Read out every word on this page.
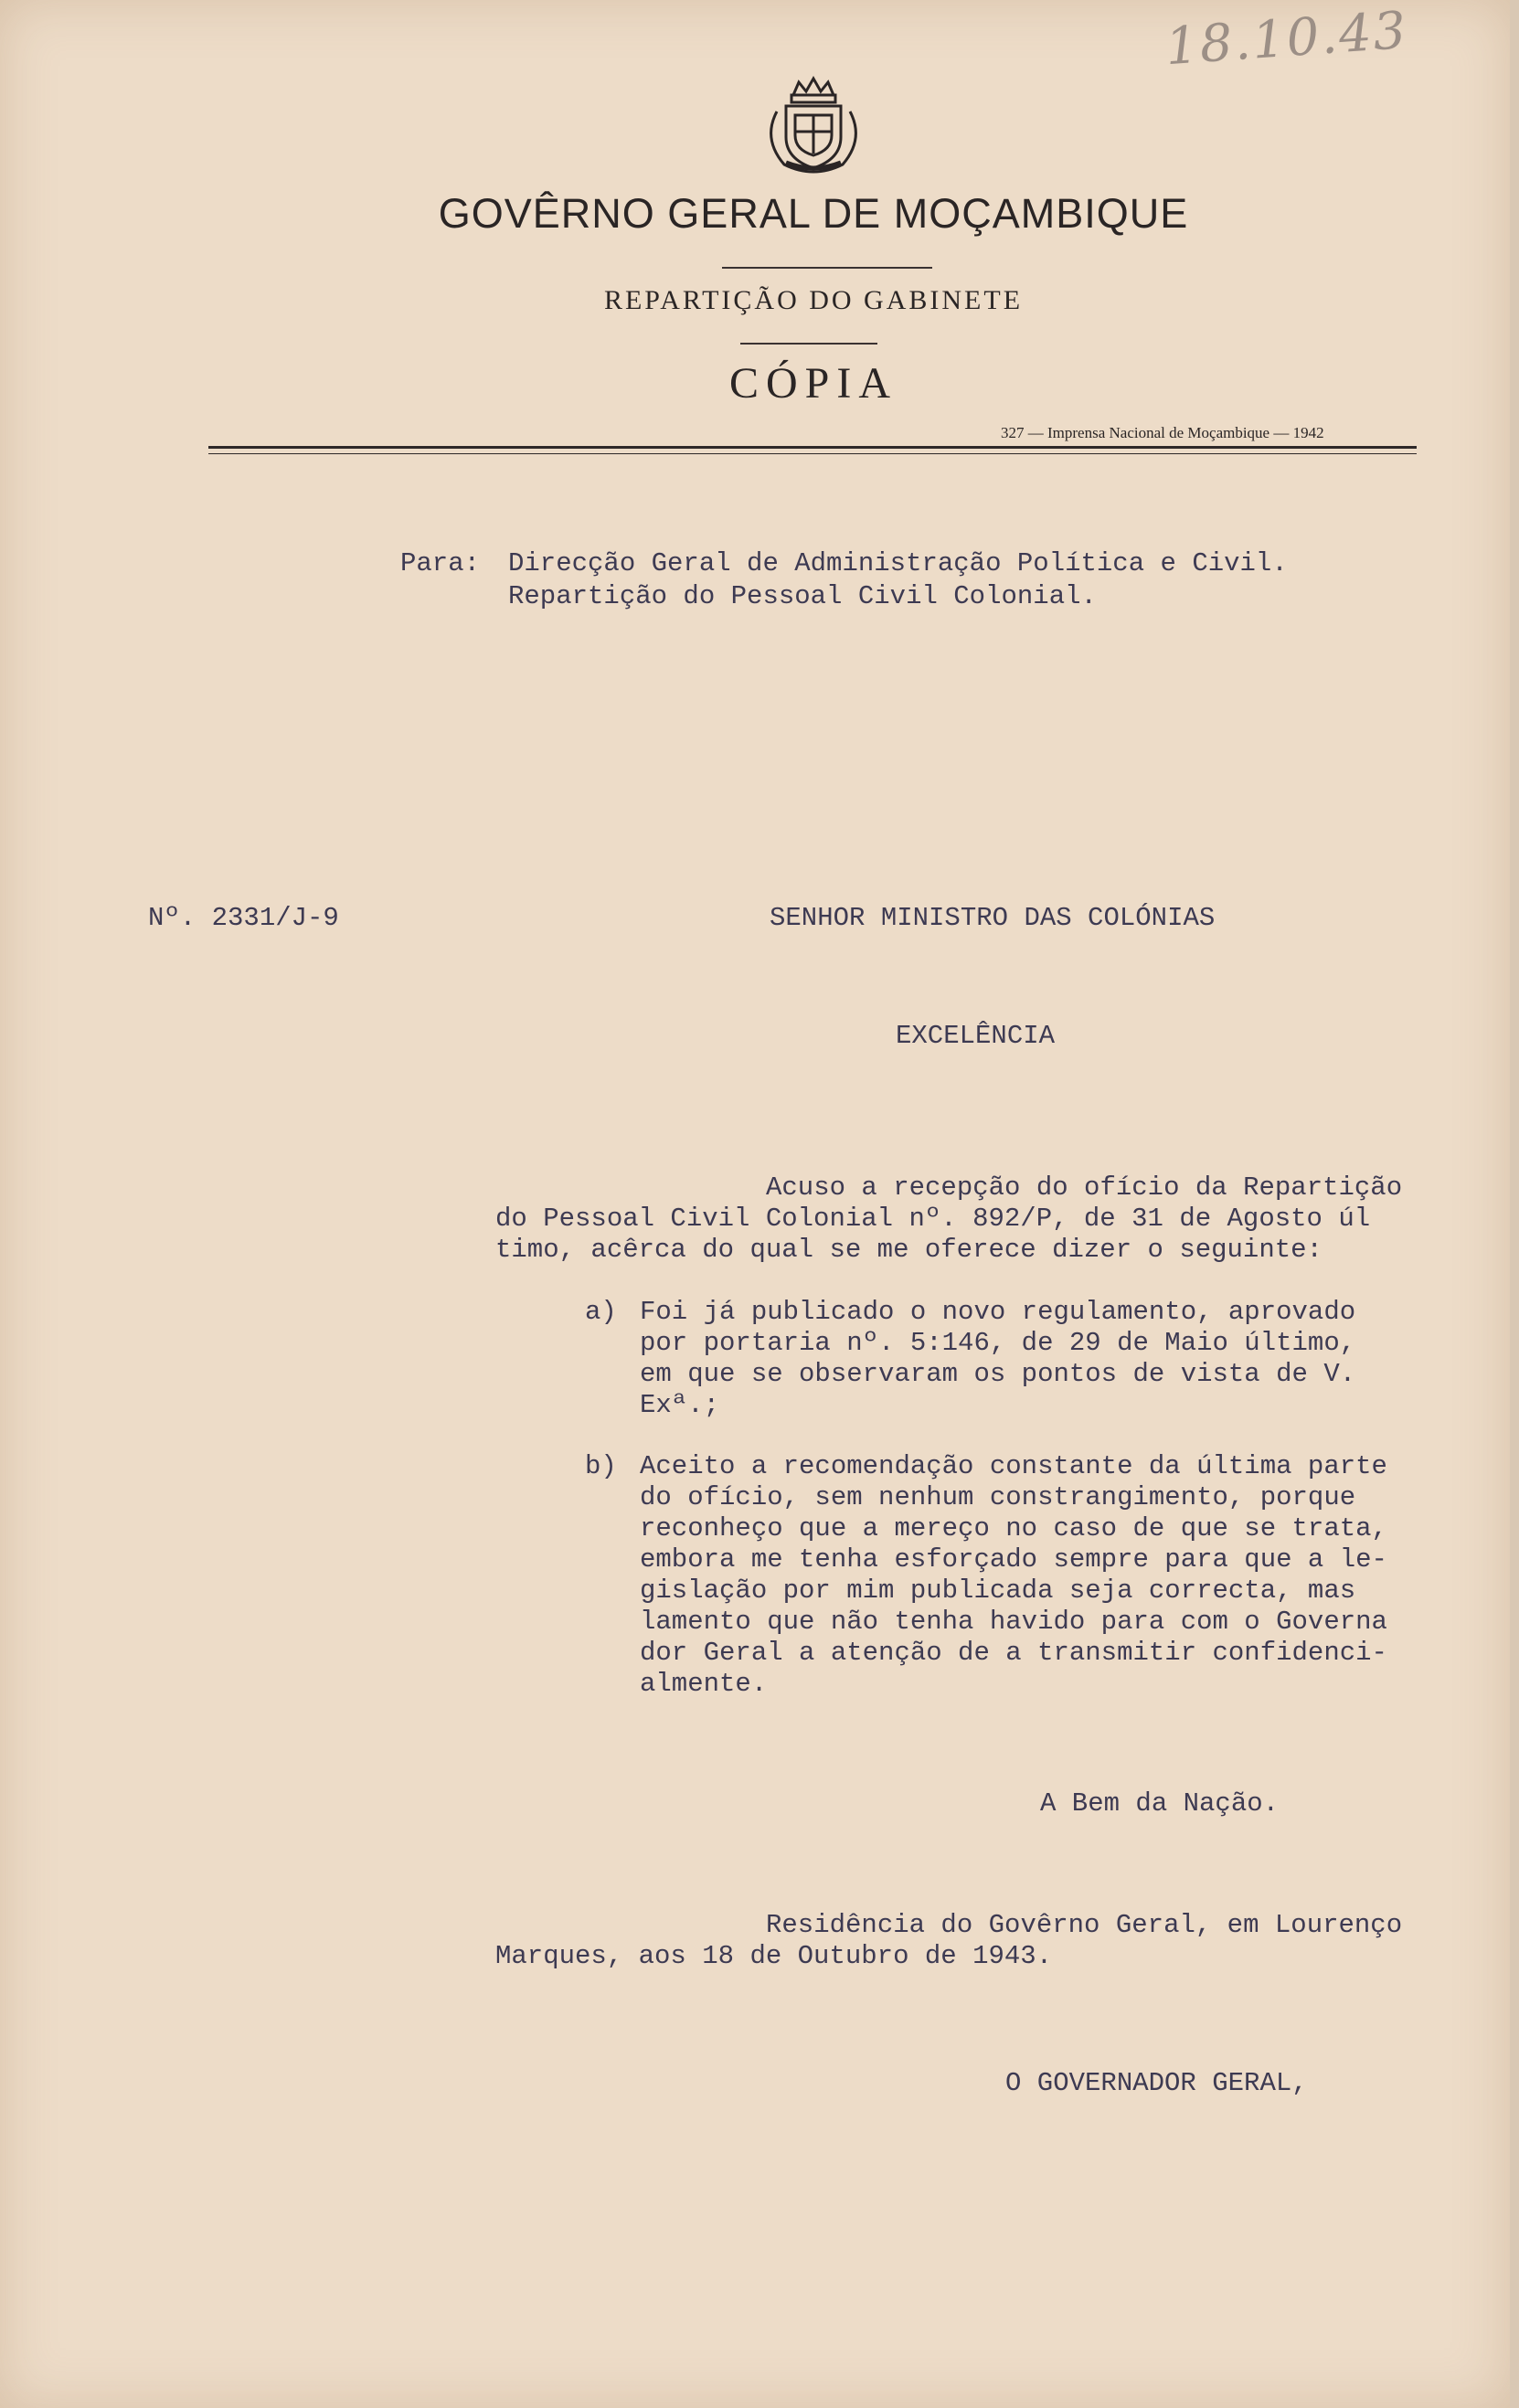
18.10.43
GOVÊRNO GERAL DE MOÇAMBIQUE
REPARTIÇÃO DO GABINETE
CÓPIA
327 — Imprensa Nacional de Moçambique — 1942
Para: Direcção Geral de Administração Política e Civil.
Repartição do Pessoal Civil Colonial.
Nº. 2331/J-9	SENHOR MINISTRO DAS COLÓNIAS
EXCELÊNCIA
Acuso a recepção do ofício da Repartição
do Pessoal Civil Colonial nº. 892/P, de 31 de Agosto úl
timo, acêrca do qual se me oferece dizer o seguinte:
a) Foi já publicado o novo regulamento, aprovado
por portaria nº. 5:146, de 29 de Maio último,
em que se observaram os pontos de vista de V.
Exª.;
b) Aceito a recomendação constante da última parte
do ofício, sem nenhum constrangimento, porque
reconheço que a mereço no caso de que se trata,
embora me tenha esforçado sempre para que a le-
gislação por mim publicada seja correcta, mas
lamento que não tenha havido para com o Governa
dor Geral a atenção de a transmitir confidenci-
almente.
A Bem da Nação.
Residência do Govêrno Geral, em Lourenço
Marques, aos 18 de Outubro de 1943.
O GOVERNADOR GERAL,
